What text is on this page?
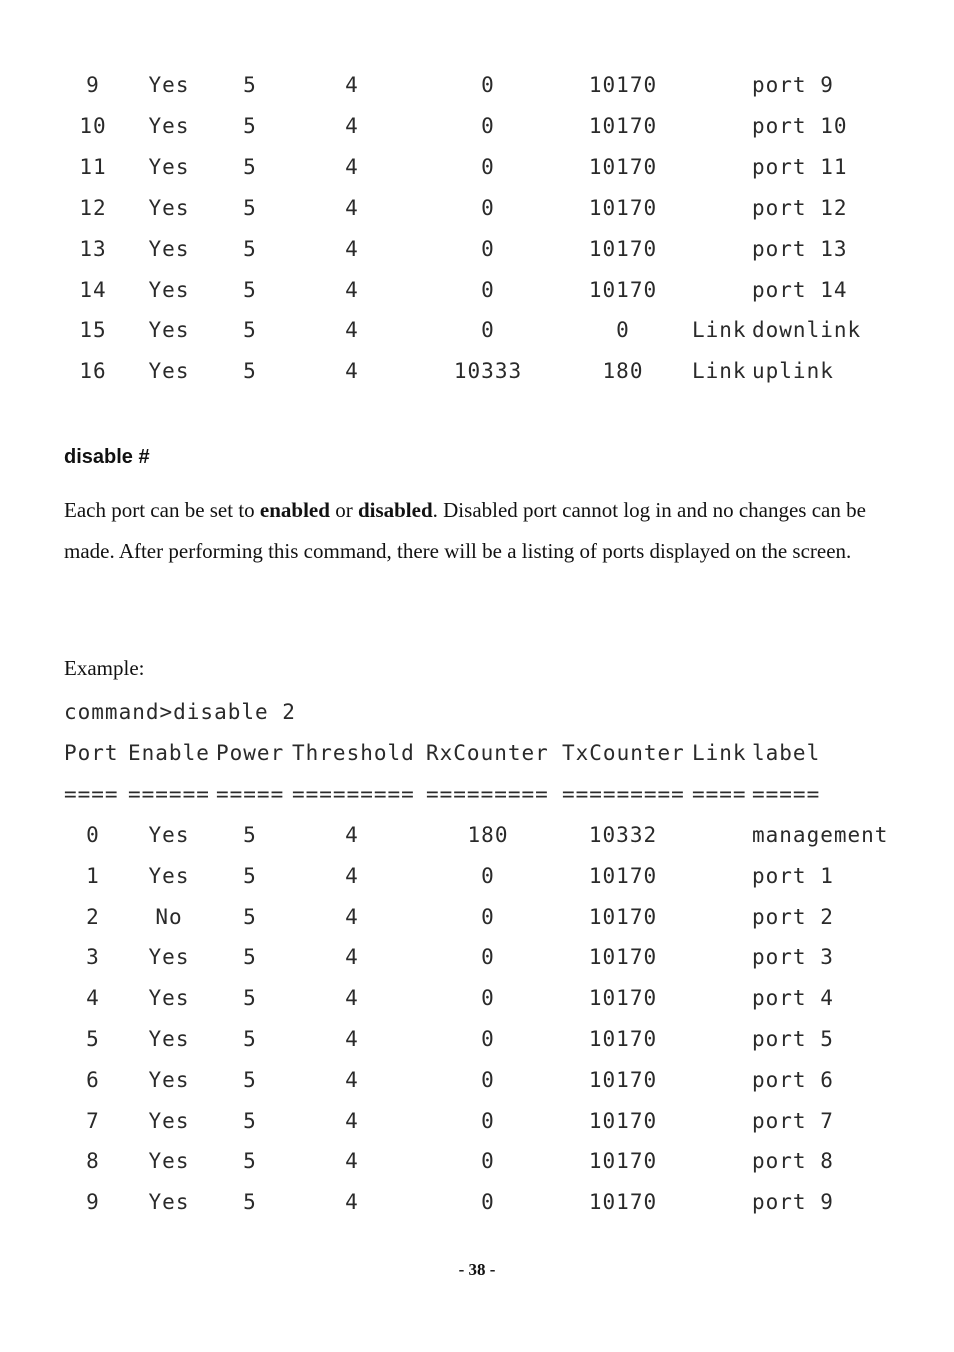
9	Yes	5	4	0	10170	port 9
10	Yes	5	4	0	10170	port 10
11	Yes	5	4	0	10170	port 11
12	Yes	5	4	0	10170	port 12
13	Yes	5	4	0	10170	port 13
14	Yes	5	4	0	10170	port 14
15	Yes	5	4	0	0	Link downlink
16	Yes	5	4	10333	180	Link uplink
disable #
Each port can be set to enabled or disabled. Disabled port cannot log in and no changes can be made. After performing this command, there will be a listing of ports displayed on the screen.
Example:
command>disable 2
Port Enable Power Threshold RxCounter TxCounter Link label
==== ====== ===== ========= ========= ========= ==== =====
0	Yes	5	4	180	10332	management
1	Yes	5	4	0	10170	port 1
2	No	5	4	0	10170	port 2
3	Yes	5	4	0	10170	port 3
4	Yes	5	4	0	10170	port 4
5	Yes	5	4	0	10170	port 5
6	Yes	5	4	0	10170	port 6
7	Yes	5	4	0	10170	port 7
8	Yes	5	4	0	10170	port 8
9	Yes	5	4	0	10170	port 9
- 38 -
